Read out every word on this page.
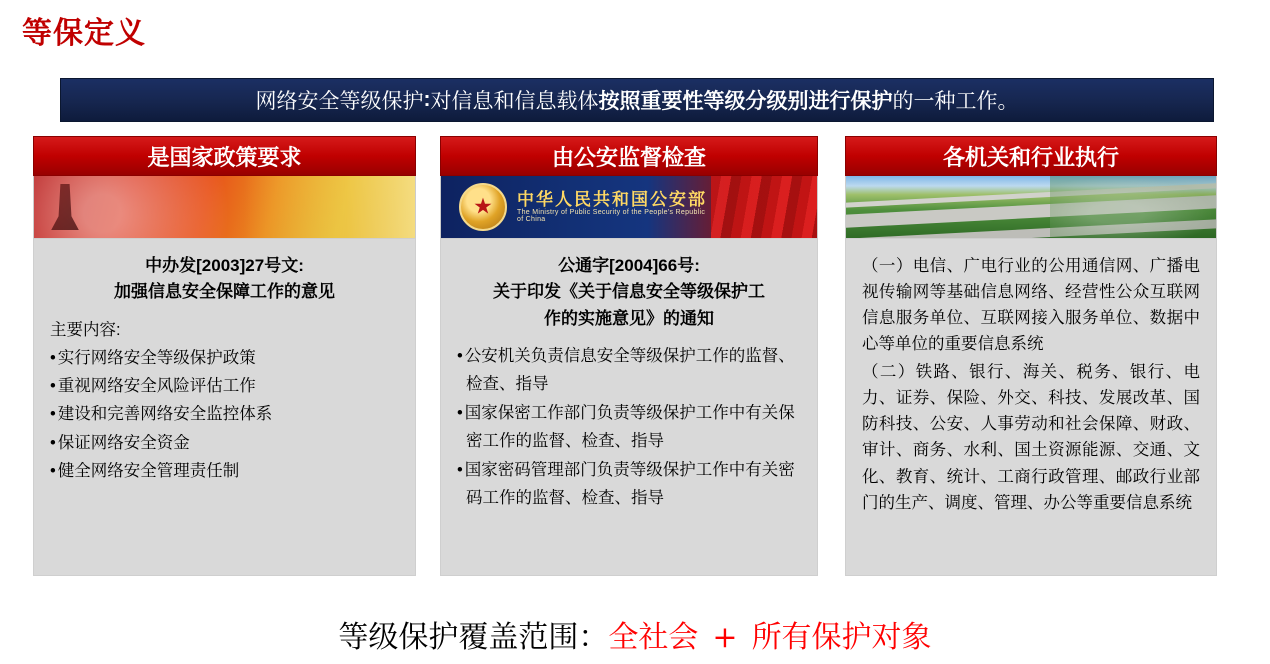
等保定义
网络安全等级保护 : 对信息和信息载体 按照重要性等级分级别进行保护 的一种工作。
是国家政策要求
中办发[2003]27号文:
加强信息安全保障工作的意见
主要内容:
• 实行网络安全等级保护政策
• 重视网络安全风险评估工作
• 建设和完善网络安全监控体系
• 保证网络安全资金
• 健全网络安全管理责任制
由公安监督检查
★
中华人民共和国公安部
The Ministry of Public Security of the People's Republic of China
公通字[2004]66号:
关于印发《关于信息安全等级保护工
作的实施意见》的通知
• 公安机关负责信息安全等级保护工作的监督、检查、指导
• 国家保密工作部门负责等级保护工作中有关保密工作的监督、检查、指导
• 国家密码管理部门负责等级保护工作中有关密码工作的监督、检查、指导
各机关和行业执行

（一）电信、广电行业的公用通信网、广播电视传输网等基础信息网络、经营性公众互联网信息服务单位、互联网接入服务单位、数据中心等单位的重要信息系统

（二）铁路、银行、海关、税务、银行、电力、证券、保险、外交、科技、发展改革、国防科技、公安、人事劳动和社会保障、财政、审计、商务、水利、国土资源能源、交通、文化、教育、统计、工商行政管理、邮政行业部门的生产、调度、管理、办公等重要信息系统

等级保护覆盖范围：全社会 + 所有保护对象
